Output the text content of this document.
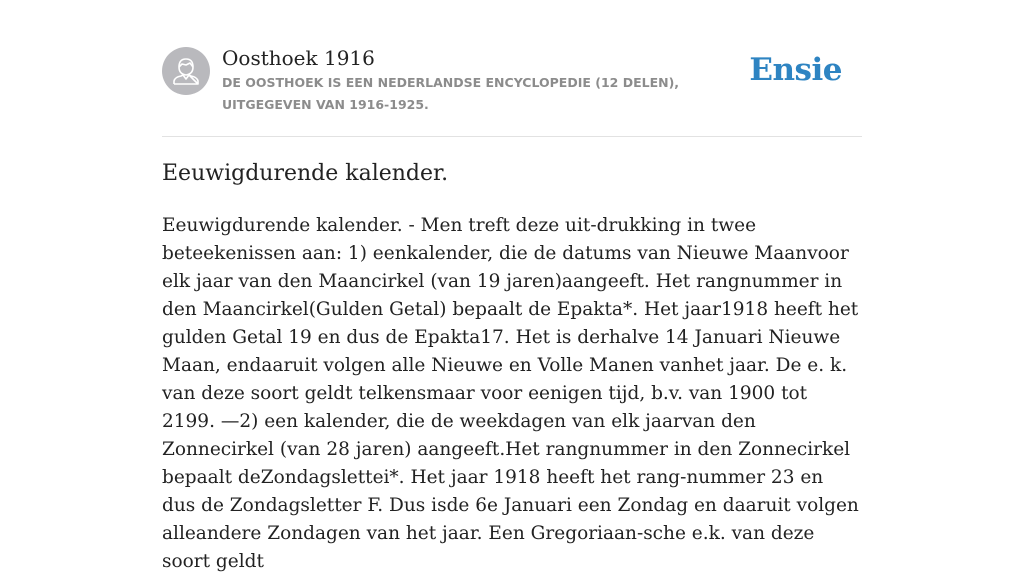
Oosthoek 1916
DE OOSTHOEK IS EEN NEDERLANDSE ENCYCLOPEDIE (12 DELEN), UITGEGEVEN VAN 1916-1925.
Ensie
Eeuwigdurende kalender.

Eeuwigdurende kalender. - Men treft deze uit-drukking in twee beteekenissen aan: 1) eenkalender, die de datums van Nieuwe Maanvoor elk jaar van den Maancirkel (van 19 jaren)aangeeft. Het rangnummer in den Maancirkel(Gulden Getal) bepaalt de Epakta*. Het jaar1918 heeft het gulden Getal 19 en dus de Epakta17. Het is derhalve 14 Januari Nieuwe Maan, endaaruit volgen alle Nieuwe en Volle Manen vanhet jaar. De e. k. van deze soort geldt telkensmaar voor eenigen tijd, b.v. van 1900 tot 2199. —2) een kalender, die de weekdagen van elk jaarvan den Zonnecirkel (van 28 jaren) aangeeft.Het rangnummer in den Zonnecirkel bepaalt deZondagslettei*. Het jaar 1918 heeft het rang-nummer 23 en dus de Zondagsletter F. Dus isde 6e Januari een Zondag en daaruit volgen alleandere Zondagen van het jaar. Een Gregoriaan-sche e.k. van deze soort geldt
